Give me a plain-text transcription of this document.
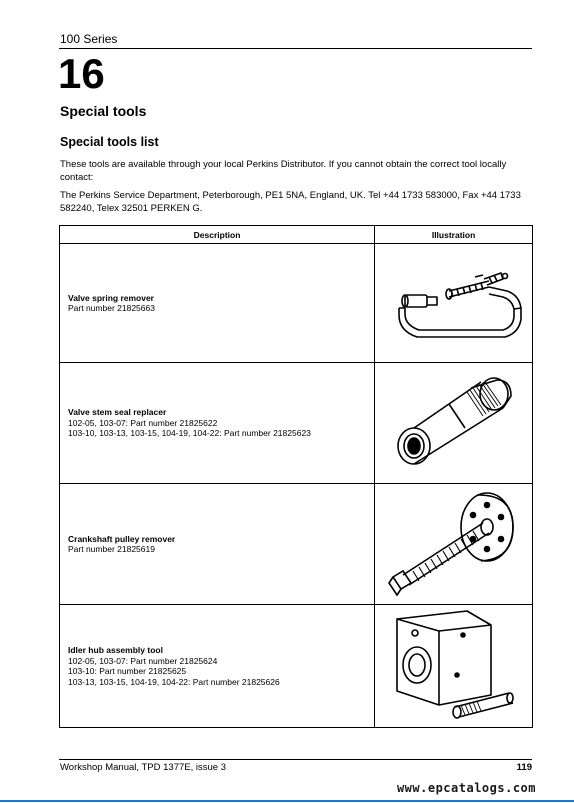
100 Series
16
Special tools
Special tools list
These tools are available through your local Perkins Distributor. If you cannot obtain the correct tool locally contact:
The Perkins Service Department, Peterborough, PE1 5NA, England, UK. Tel +44 1733 583000, Fax +44 1733 582240, Telex 32501 PERKEN G.
Description	Illustration

Valve spring remover
Part number 21825663

Valve stem seal replacer
102-05, 103-07: Part number 21825622
103-10, 103-13, 103-15, 104-19, 104-22: Part number 21825623

Crankshaft pulley remover
Part number 21825619

Idler hub assembly tool
102-05, 103-07: Part number 21825624
103-10: Part number 21825625
103-13, 103-15, 104-19, 104-22: Part number 21825626

Workshop Manual, TPD 1377E, issue 3	119
www.epcatalogs.com
